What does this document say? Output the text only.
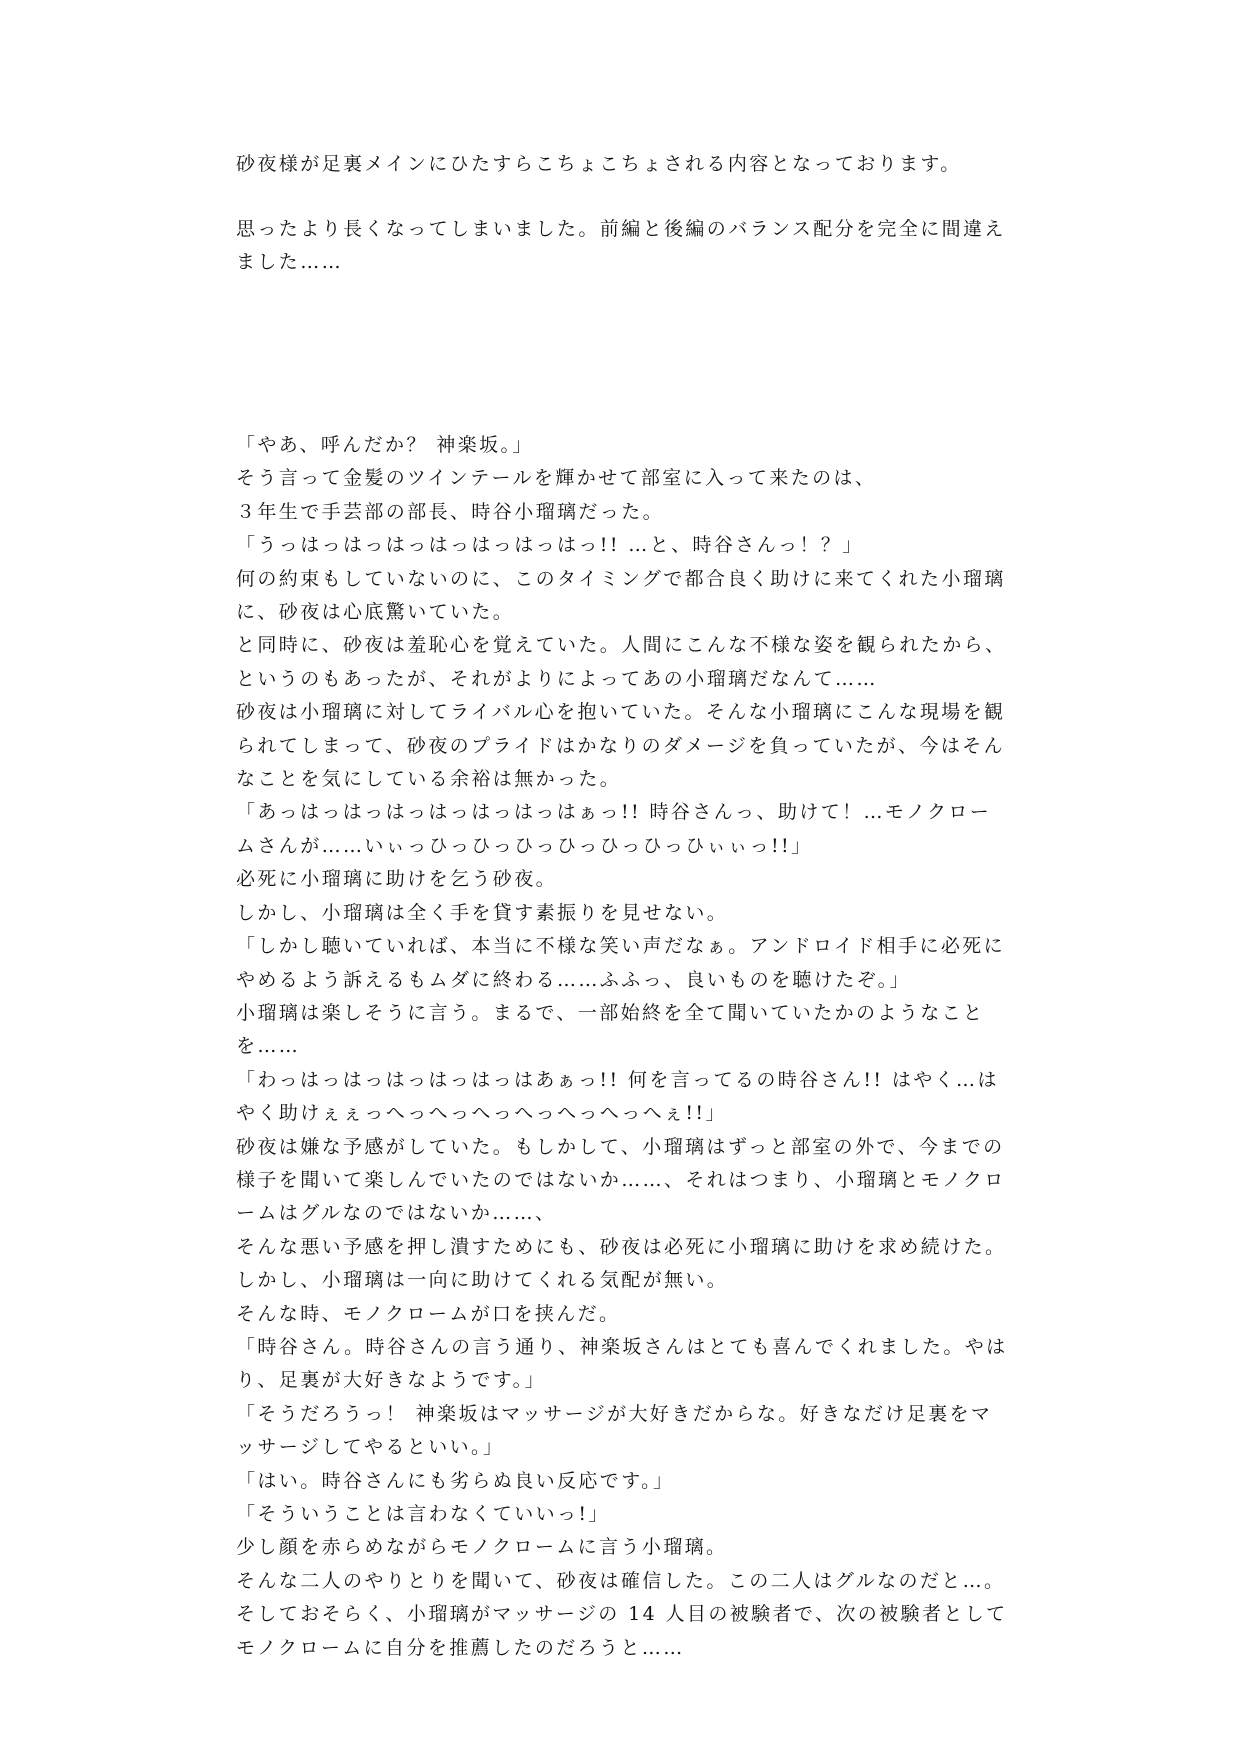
砂夜様が足裏メインにひたすらこちょこちょされる内容となっております。

思ったより長くなってしまいました。前編と後編のバランス配分を完全に間違えました……

「やあ、呼んだか？ 神楽坂。」

そう言って金髪のツインテールを輝かせて部室に入って来たのは、

３年生で手芸部の部長、時谷小瑠璃だった。

「うっはっはっはっはっはっはっはっ!! …と、時谷さんっ！？」

何の約束もしていないのに、このタイミングで都合良く助けに来てくれた小瑠璃に、砂夜は心底驚いていた。

と同時に、砂夜は羞恥心を覚えていた。人間にこんな不様な姿を観られたから、というのもあったが、それがよりによってあの小瑠璃だなんて……

砂夜は小瑠璃に対してライバル心を抱いていた。そんな小瑠璃にこんな現場を観られてしまって、砂夜のプライドはかなりのダメージを負っていたが、今はそんなことを気にしている余裕は無かった。

「あっはっはっはっはっはっはっはぁっ!! 時谷さんっ、助けて！…モノクロームさんが……いぃっひっひっひっひっひっひっひぃぃっ!!」

必死に小瑠璃に助けを乞う砂夜。

しかし、小瑠璃は全く手を貸す素振りを見せない。

「しかし聴いていれば、本当に不様な笑い声だなぁ。アンドロイド相手に必死にやめるよう訴えるもムダに終わる……ふふっ、良いものを聴けたぞ。」

小瑠璃は楽しそうに言う。まるで、一部始終を全て聞いていたかのようなことを……

「わっはっはっはっはっはっはあぁっ!! 何を言ってるの時谷さん!! はやく…はやく助けぇぇっへっへっへっへっへっへっへぇ!!」

砂夜は嫌な予感がしていた。もしかして、小瑠璃はずっと部室の外で、今までの様子を聞いて楽しんでいたのではないか……、それはつまり、小瑠璃とモノクロームはグルなのではないか……、

そんな悪い予感を押し潰すためにも、砂夜は必死に小瑠璃に助けを求め続けた。

しかし、小瑠璃は一向に助けてくれる気配が無い。

そんな時、モノクロームが口を挟んだ。

「時谷さん。時谷さんの言う通り、神楽坂さんはとても喜んでくれました。やはり、足裏が大好きなようです。」

「そうだろうっ！ 神楽坂はマッサージが大好きだからな。好きなだけ足裏をマッサージしてやるといい。」

「はい。時谷さんにも劣らぬ良い反応です。」

「そういうことは言わなくていいっ!」

少し顔を赤らめながらモノクロームに言う小瑠璃。

そんな二人のやりとりを聞いて、砂夜は確信した。この二人はグルなのだと…。

そしておそらく、小瑠璃がマッサージの 14 人目の被験者で、次の被験者としてモノクロームに自分を推薦したのだろうと……
